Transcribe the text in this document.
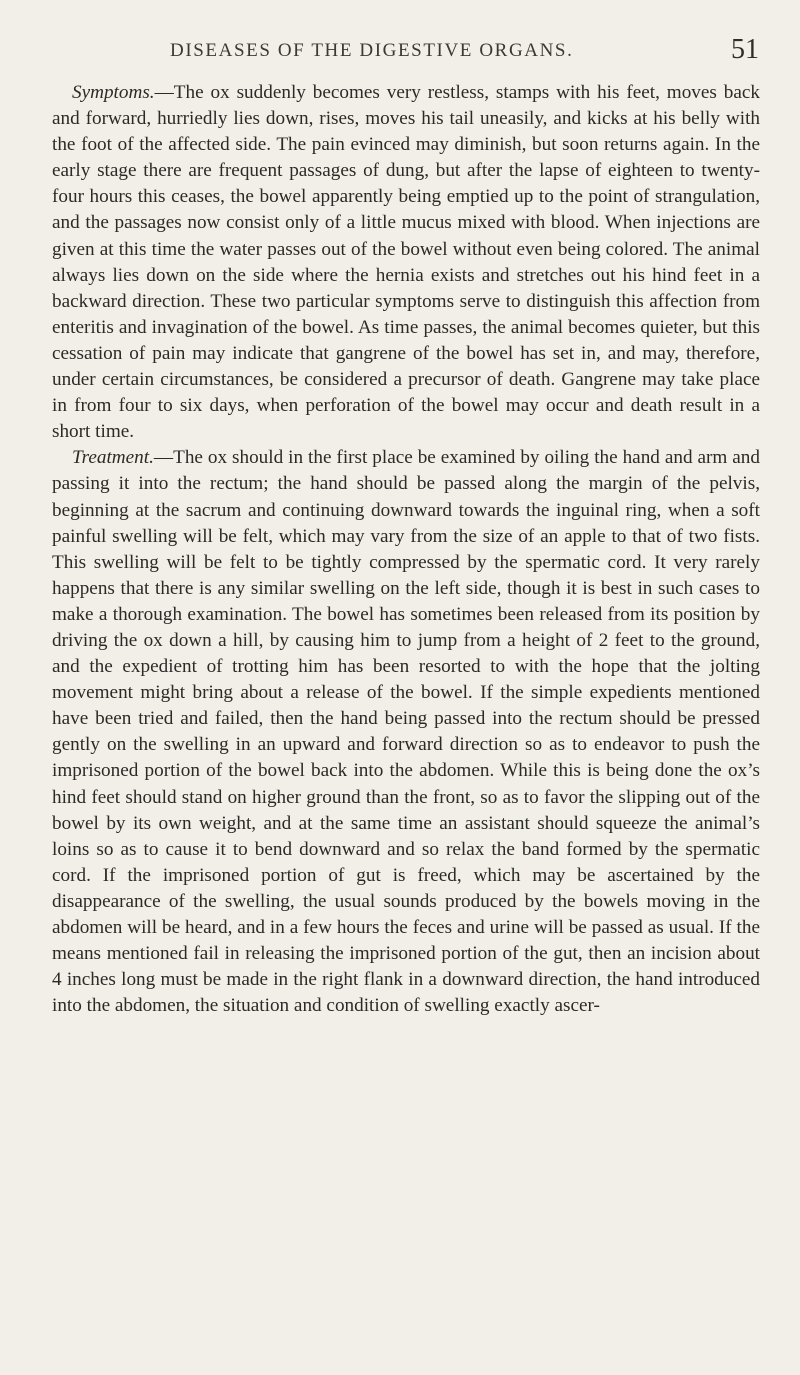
DISEASES OF THE DIGESTIVE ORGANS.	51

Symptoms.—The ox suddenly becomes very restless, stamps with his feet, moves back and forward, hurriedly lies down, rises, moves his tail uneasily, and kicks at his belly with the foot of the affected side. The pain evinced may diminish, but soon returns again. In the early stage there are frequent passages of dung, but after the lapse of eighteen to twenty-four hours this ceases, the bowel apparently being emptied up to the point of strangulation, and the passages now consist only of a little mucus mixed with blood. When injections are given at this time the water passes out of the bowel without even being colored. The animal always lies down on the side where the hernia exists and stretches out his hind feet in a backward direction. These two particular symptoms serve to distinguish this affection from enteritis and invagination of the bowel. As time passes, the animal becomes quieter, but this cessation of pain may indicate that gangrene of the bowel has set in, and may, therefore, under certain circumstances, be considered a precursor of death. Gangrene may take place in from four to six days, when perforation of the bowel may occur and death result in a short time.

Treatment.—The ox should in the first place be examined by oiling the hand and arm and passing it into the rectum; the hand should be passed along the margin of the pelvis, beginning at the sacrum and continuing downward towards the inguinal ring, when a soft painful swelling will be felt, which may vary from the size of an apple to that of two fists. This swelling will be felt to be tightly compressed by the spermatic cord. It very rarely happens that there is any similar swelling on the left side, though it is best in such cases to make a thorough examination. The bowel has sometimes been released from its position by driving the ox down a hill, by causing him to jump from a height of 2 feet to the ground, and the expedient of trotting him has been resorted to with the hope that the jolting movement might bring about a release of the bowel. If the simple expedients mentioned have been tried and failed, then the hand being passed into the rectum should be pressed gently on the swelling in an upward and forward direction so as to endeavor to push the imprisoned portion of the bowel back into the abdomen. While this is being done the ox’s hind feet should stand on higher ground than the front, so as to favor the slipping out of the bowel by its own weight, and at the same time an assistant should squeeze the animal’s loins so as to cause it to bend downward and so relax the band formed by the spermatic cord. If the imprisoned portion of gut is freed, which may be ascertained by the disappearance of the swelling, the usual sounds produced by the bowels moving in the abdomen will be heard, and in a few hours the feces and urine will be passed as usual. If the means mentioned fail in releasing the imprisoned portion of the gut, then an incision about 4 inches long must be made in the right flank in a downward direction, the hand introduced into the abdomen, the situation and condition of swelling exactly ascer-
